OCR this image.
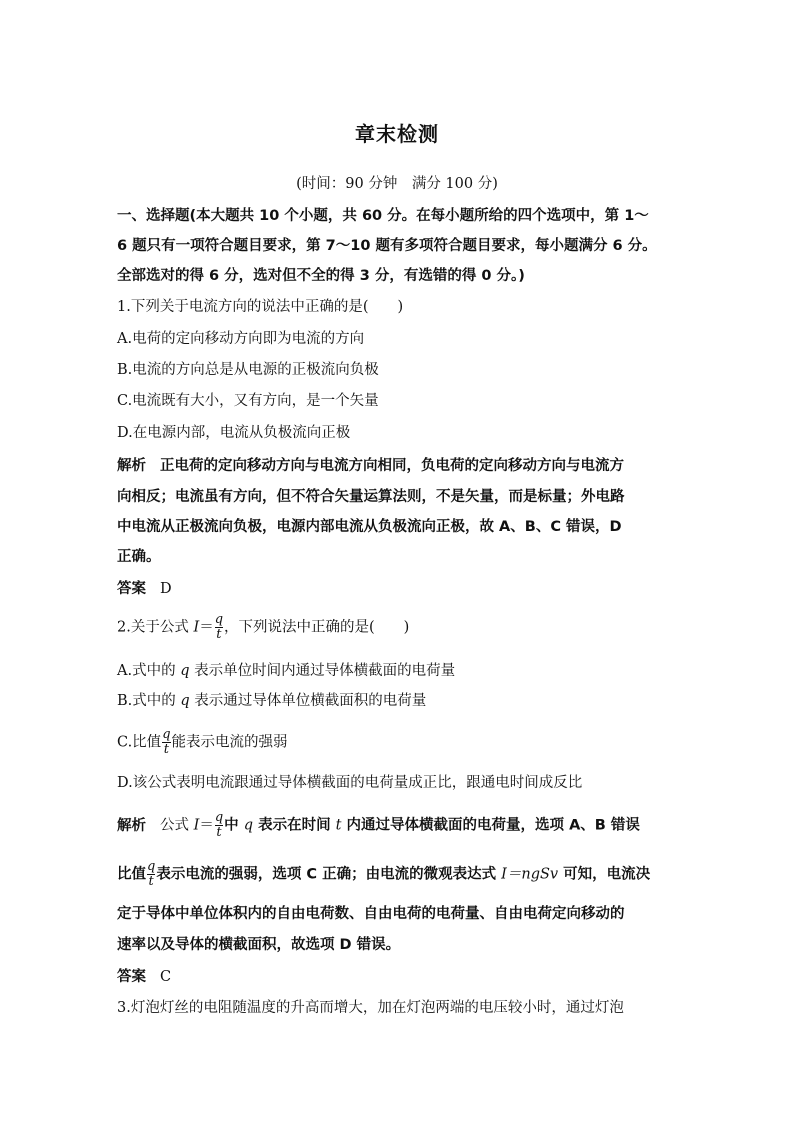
章末检测
(时间：90 分钟　满分 100 分)
一、选择题(本大题共 10 个小题，共 60 分。在每小题所给的四个选项中，第 1～
6 题只有一项符合题目要求，第 7～10 题有多项符合题目要求，每小题满分 6 分。
全部选对的得 6 分，选对但不全的得 3 分，有选错的得 0 分。)
1.下列关于电流方向的说法中正确的是(　　)
A.电荷的定向移动方向即为电流的方向
B.电流的方向总是从电源的正极流向负极
C.电流既有大小，又有方向，是一个矢量
D.在电源内部，电流从负极流向正极
解析 正电荷的定向移动方向与电流方向相同，负电荷的定向移动方向与电流方
向相反；电流虽有方向，但不符合矢量运算法则，不是矢量，而是标量；外电路
中电流从正极流向负极，电源内部电流从负极流向正极，故 A、B、C 错误，D
正确。
答案 D
2.关于公式 $I= \frac{q}{t}$ ，下列说法中正确的是(　　)
A.式中的 q 表示单位时间内通过导体横截面的电荷量
B.式中的 q 表示通过导体单位横截面积的电荷量
C.比值 $\frac{q}{t}$ 能表示电流的强弱
D.该公式表明电流跟通过导体横截面的电荷量成正比，跟通电时间成反比
解析 公式 $I= \frac{q}{t}$ 中 q 表示在时间 t 内通过导体横截面的电荷量，选项 A、B 错误
比值 $\frac{q}{t}$ 表示电流的强弱，选项 C 正确；由电流的微观表达式 I＝ngSv 可知，电流决
定于导体中单位体积内的自由电荷数、自由电荷的电荷量、自由电荷定向移动的
速率以及导体的横截面积，故选项 D 错误。
答案 C
3.灯泡灯丝的电阻随温度的升高而增大，加在灯泡两端的电压较小时，通过灯泡
